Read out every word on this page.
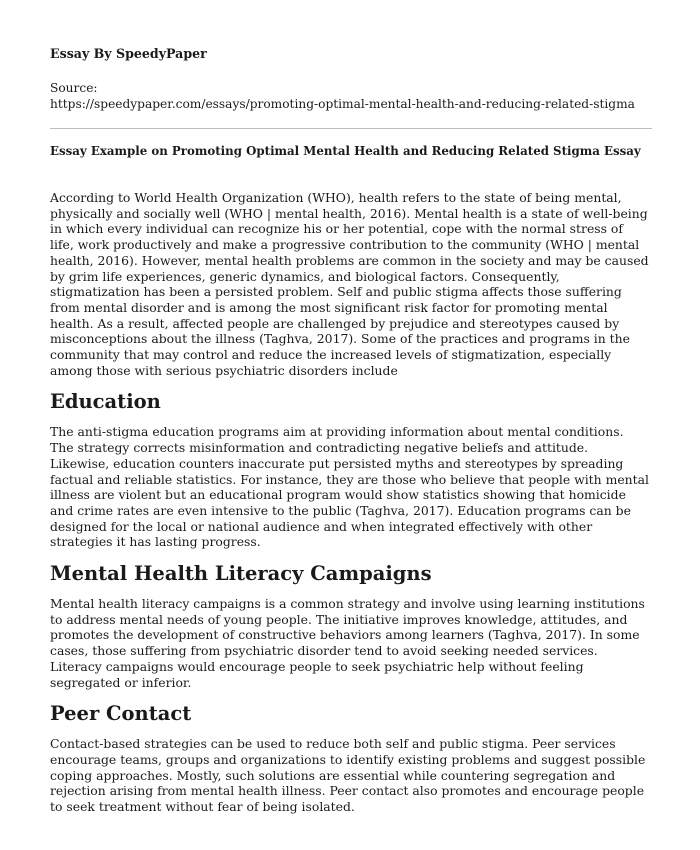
Essay By SpeedyPaper
Source:
https://speedypaper.com/essays/promoting-optimal-mental-health-and-reducing-related-stigma
Essay Example on Promoting Optimal Mental Health and Reducing Related Stigma Essay

According to World Health Organization (WHO), health refers to the state of being mental, physically and socially well (WHO | mental health, 2016). Mental health is a state of well-being in which every individual can recognize his or her potential, cope with the normal stress of life, work productively and make a progressive contribution to the community (WHO | mental health, 2016). However, mental health problems are common in the society and may be caused by grim life experiences, generic dynamics, and biological factors. Consequently, stigmatization has been a persisted problem. Self and public stigma affects those suffering from mental disorder and is among the most significant risk factor for promoting mental health. As a result, affected people are challenged by prejudice and stereotypes caused by misconceptions about the illness (Taghva, 2017). Some of the practices and programs in the community that may control and reduce the increased levels of stigmatization, especially among those with serious psychiatric disorders include

Education

The anti-stigma education programs aim at providing information about mental conditions. The strategy corrects misinformation and contradicting negative beliefs and attitude. Likewise, education counters inaccurate put persisted myths and stereotypes by spreading factual and reliable statistics. For instance, they are those who believe that people with mental illness are violent but an educational program would show statistics showing that homicide and crime rates are even intensive to the public (Taghva, 2017). Education programs can be designed for the local or national audience and when integrated effectively with other strategies it has lasting progress.

Mental Health Literacy Campaigns

Mental health literacy campaigns is a common strategy and involve using learning institutions to address mental needs of young people. The initiative improves knowledge, attitudes, and promotes the development of constructive behaviors among learners (Taghva, 2017). In some cases, those suffering from psychiatric disorder tend to avoid seeking needed services. Literacy campaigns would encourage people to seek psychiatric help without feeling segregated or inferior.

Peer Contact

Contact-based strategies can be used to reduce both self and public stigma. Peer services encourage teams, groups and organizations to identify existing problems and suggest possible coping approaches. Mostly, such solutions are essential while countering segregation and rejection arising from mental health illness. Peer contact also promotes and encourage people to seek treatment without fear of being isolated.
